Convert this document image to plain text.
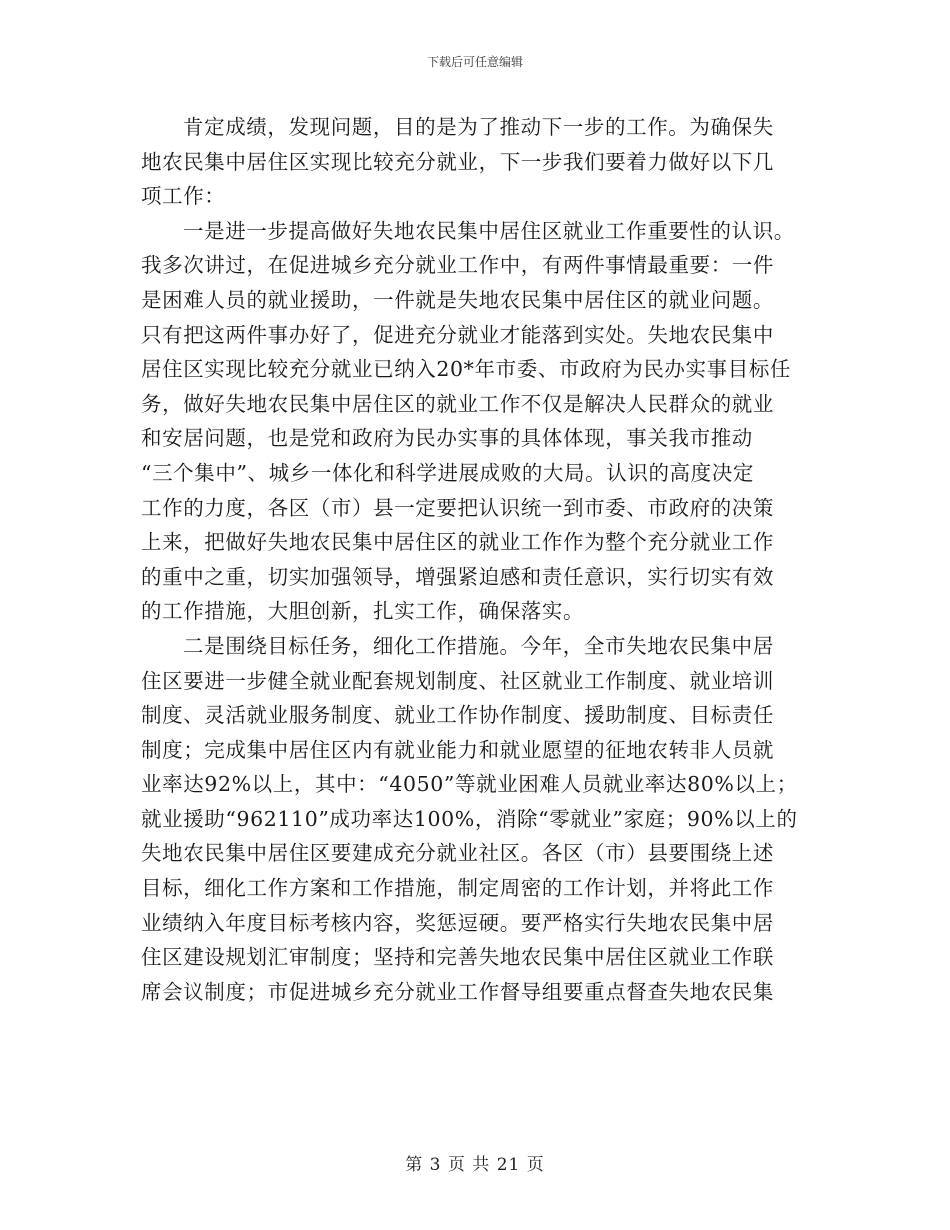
下载后可任意编辑
肯定成绩，发现问题，目的是为了推动下一步的工作。为确保失
地农民集中居住区实现比较充分就业，下一步我们要着力做好以下几
项工作：
一是进一步提高做好失地农民集中居住区就业工作重要性的认识。
我多次讲过，在促进城乡充分就业工作中，有两件事情最重要：一件
是困难人员的就业援助，一件就是失地农民集中居住区的就业问题。
只有把这两件事办好了，促进充分就业才能落到实处。失地农民集中
居住区实现比较充分就业已纳入20*年市委、市政府为民办实事目标任
务，做好失地农民集中居住区的就业工作不仅是解决人民群众的就业
和安居问题，也是党和政府为民办实事的具体体现，事关我市推动
“三个集中”、城乡一体化和科学进展成败的大局。认识的高度决定
工作的力度，各区（市）县一定要把认识统一到市委、市政府的决策
上来，把做好失地农民集中居住区的就业工作作为整个充分就业工作
的重中之重，切实加强领导，增强紧迫感和责任意识，实行切实有效
的工作措施，大胆创新，扎实工作，确保落实。
二是围绕目标任务，细化工作措施。今年，全市失地农民集中居
住区要进一步健全就业配套规划制度、社区就业工作制度、就业培训
制度、灵活就业服务制度、就业工作协作制度、援助制度、目标责任
制度；完成集中居住区内有就业能力和就业愿望的征地农转非人员就
业率达92%以上，其中：“4050”等就业困难人员就业率达80%以上；
就业援助“962110”成功率达100%，消除“零就业”家庭；90%以上的
失地农民集中居住区要建成充分就业社区。各区（市）县要围绕上述
目标，细化工作方案和工作措施，制定周密的工作计划，并将此工作
业绩纳入年度目标考核内容，奖惩逗硬。要严格实行失地农民集中居
住区建设规划汇审制度；坚持和完善失地农民集中居住区就业工作联
席会议制度；市促进城乡充分就业工作督导组要重点督查失地农民集
第 3 页 共 21 页
